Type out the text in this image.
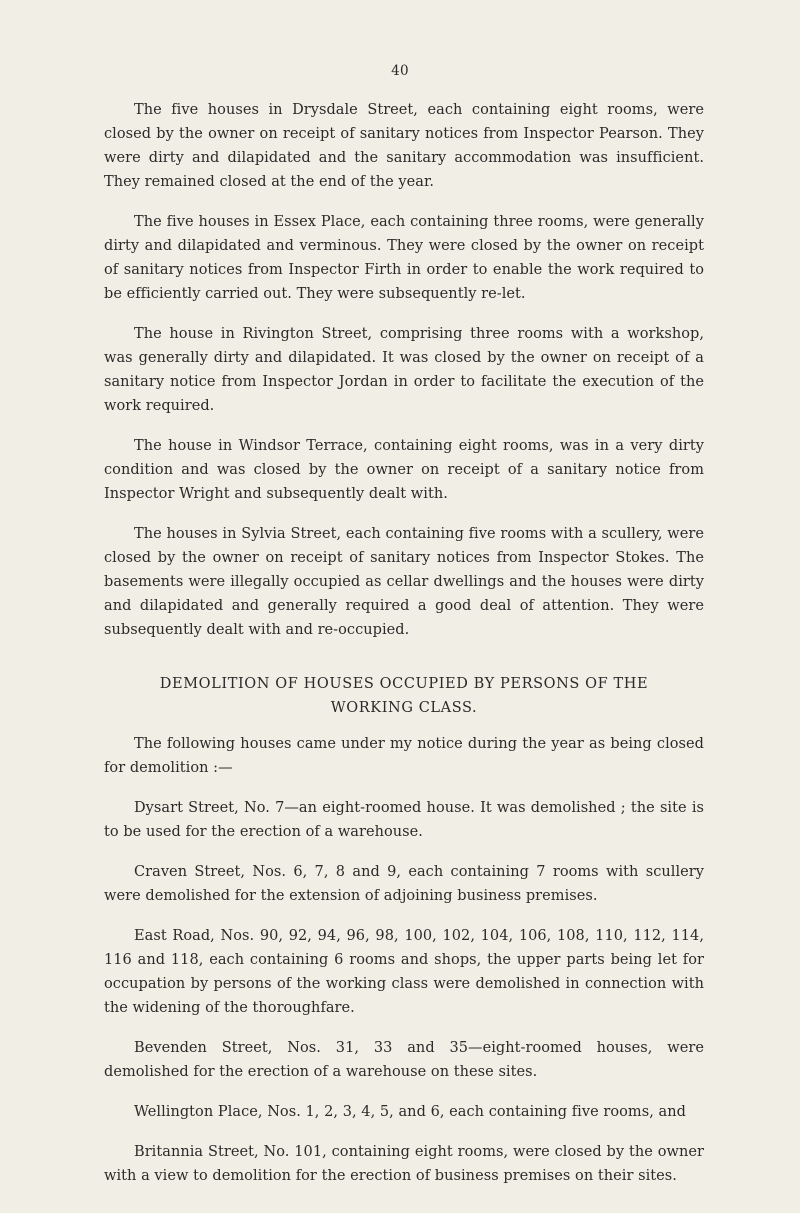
40

The five houses in Drysdale Street, each containing eight rooms, were closed by the owner on receipt of sanitary notices from Inspector Pearson. They were dirty and dilapidated and the sanitary accommodation was insufficient. They remained closed at the end of the year.

The five houses in Essex Place, each containing three rooms, were generally dirty and dilapidated and verminous. They were closed by the owner on receipt of sanitary notices from Inspector Firth in order to enable the work required to be efficiently carried out. They were subsequently re-let.

The house in Rivington Street, comprising three rooms with a workshop, was generally dirty and dilapidated. It was closed by the owner on receipt of a sanitary notice from Inspector Jordan in order to facilitate the execution of the work required.

The house in Windsor Terrace, containing eight rooms, was in a very dirty condition and was closed by the owner on receipt of a sanitary notice from Inspector Wright and subsequently dealt with.

The houses in Sylvia Street, each containing five rooms with a scullery, were closed by the owner on receipt of sanitary notices from Inspector Stokes. The basements were illegally occupied as cellar dwellings and the houses were dirty and dilapidated and generally required a good deal of attention. They were subsequently dealt with and re-occupied.

DEMOLITION OF HOUSES OCCUPIED BY PERSONS OF THE
WORKING CLASS.

The following houses came under my notice during the year as being closed for demolition :—

Dysart Street, No. 7—an eight-roomed house. It was demolished ; the site is to be used for the erection of a warehouse.

Craven Street, Nos. 6, 7, 8 and 9, each containing 7 rooms with scullery were demolished for the extension of adjoining business premises.

East Road, Nos. 90, 92, 94, 96, 98, 100, 102, 104, 106, 108, 110, 112, 114, 116 and 118, each containing 6 rooms and shops, the upper parts being let for occupation by persons of the working class were demolished in connection with the widening of the thoroughfare.

Bevenden Street, Nos. 31, 33 and 35—eight-roomed houses, were demolished for the erection of a warehouse on these sites.

Wellington Place, Nos. 1, 2, 3, 4, 5, and 6, each containing five rooms, and

Britannia Street, No. 101, containing eight rooms, were closed by the owner with a view to demolition for the erection of business premises on their sites.
